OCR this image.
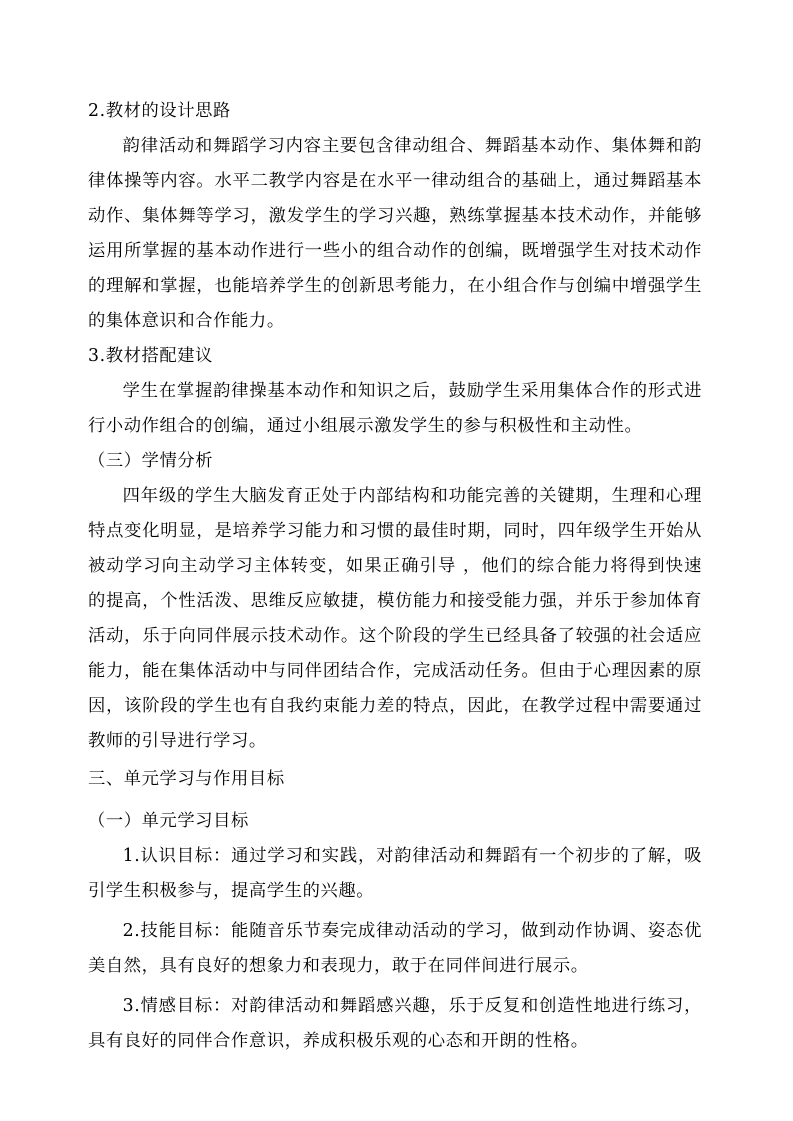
2.教材的设计思路

韵律活动和舞蹈学习内容主要包含律动组合、舞蹈基本动作、集体舞和韵律体操等内容。水平二教学内容是在水平一律动组合的基础上，通过舞蹈基本动作、集体舞等学习，激发学生的学习兴趣，熟练掌握基本技术动作，并能够运用所掌握的基本动作进行一些小的组合动作的创编，既增强学生对技术动作的理解和掌握，也能培养学生的创新思考能力，在小组合作与创编中增强学生的集体意识和合作能力。

3.教材搭配建议

学生在掌握韵律操基本动作和知识之后，鼓励学生采用集体合作的形式进行小动作组合的创编，通过小组展示激发学生的参与积极性和主动性。

（三）学情分析

四年级的学生大脑发育正处于内部结构和功能完善的关键期，生理和心理特点变化明显，是培养学习能力和习惯的最佳时期，同时，四年级学生开始从被动学习向主动学习主体转变，如果正确引导 ，他们的综合能力将得到快速的提高，个性活泼、思维反应敏捷，模仿能力和接受能力强，并乐于参加体育活动，乐于向同伴展示技术动作。这个阶段的学生已经具备了较强的社会适应能力，能在集体活动中与同伴团结合作，完成活动任务。但由于心理因素的原因，该阶段的学生也有自我约束能力差的特点，因此，在教学过程中需要通过教师的引导进行学习。

三、单元学习与作用目标

（一）单元学习目标

1.认识目标：通过学习和实践，对韵律活动和舞蹈有一个初步的了解，吸引学生积极参与，提高学生的兴趣。

2.技能目标：能随音乐节奏完成律动活动的学习，做到动作协调、姿态优美自然，具有良好的想象力和表现力，敢于在同伴间进行展示。

3.情感目标：对韵律活动和舞蹈感兴趣，乐于反复和创造性地进行练习，具有良好的同伴合作意识，养成积极乐观的心态和开朗的性格。
